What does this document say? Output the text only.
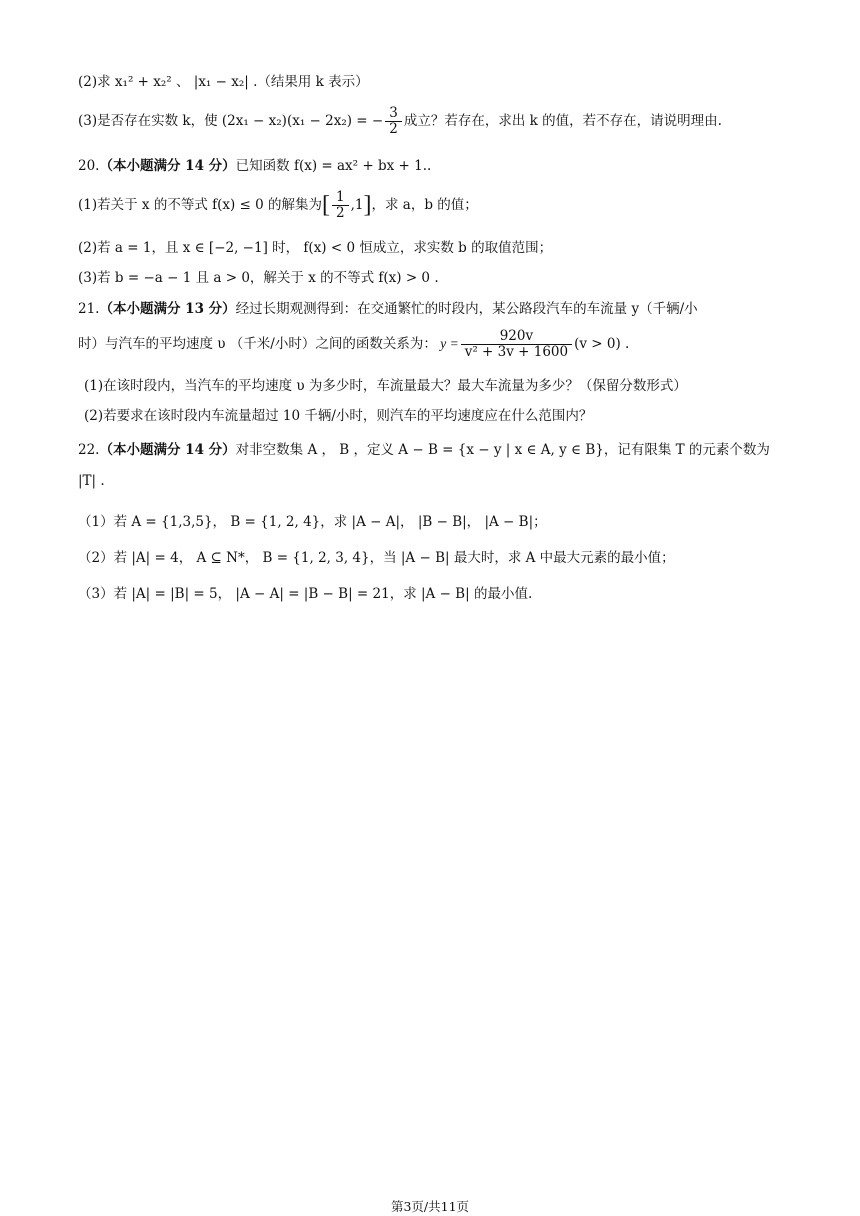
(2)求 x₁² + x₂² 、 |x₁ − x₂| .（结果用 k 表示）
(3)是否存在实数 k，使 (2x₁ − x₂)(x₁ − 2x₂) = − $\frac{3}{2}$ 成立？若存在，求出 k 的值，若不存在，请说明理由.
20.（本小题满分 14 分）已知函数 f(x) = ax² + bx + 1..
(1)若关于 x 的不等式 f(x) ≤ 0 的解集为[ $\frac{1}{2} ,1$]，求 a，b 的值；
(2)若 a = 1，且 x ∈ [−2, −1] 时， f(x) < 0 恒成立，求实数 b 的取值范围；
(3)若 b = −a − 1 且 a > 0，解关于 x 的不等式 f(x) > 0 .
21.（本小题满分 13 分）经过长期观测得到：在交通繁忙的时段内，某公路段汽车的车流量 y（千辆/小
时）与汽车的平均速度 υ （千米/小时）之间的函数关系为： $y = \frac{920v}{\text{v² + 3v + 1600}} (v > 0)$ .
(1)在该时段内，当汽车的平均速度 υ 为多少时，车流量最大？最大车流量为多少？（保留分数形式）
(2)若要求在该时段内车流量超过 10 千辆/小时，则汽车的平均速度应在什么范围内？
22.（本小题满分 14 分）对非空数集 A ， B ，定义 A − B = {x − y | x ∈ A, y ∈ B}，记有限集 T 的元素个数为
|T| .
（1）若 A = {1,3,5}， B = {1, 2, 4}，求 |A − A|， |B − B|， |A − B|；
（2）若 |A| = 4， A ⊆ N*， B = {1, 2, 3, 4}，当 |A − B| 最大时，求 A 中最大元素的最小值；
（3）若 |A| = |B| = 5， |A − A| = |B − B| = 21，求 |A − B| 的最小值.
第3页/共11页
